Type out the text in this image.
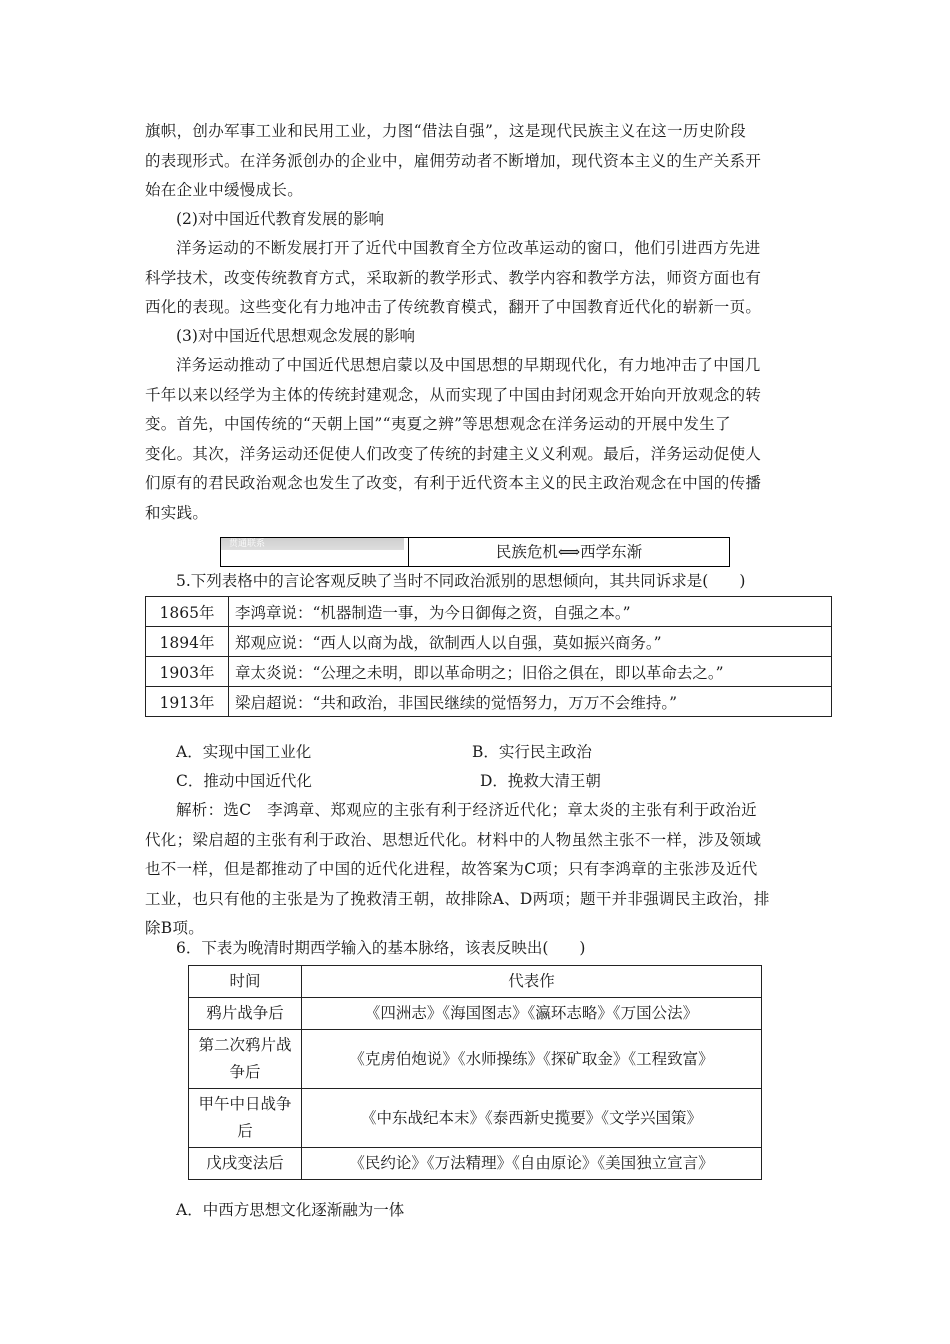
旗帜，创办军事工业和民用工业，力图“借法自强”，这是现代民族主义在这一历史阶段
的表现形式。在洋务派创办的企业中，雇佣劳动者不断增加，现代资本主义的生产关系开
始在企业中缓慢成长。
(2)对中国近代教育发展的影响
洋务运动的不断发展打开了近代中国教育全方位改革运动的窗口，他们引进西方先进
科学技术，改变传统教育方式，采取新的教学形式、教学内容和教学方法，师资方面也有
西化的表现。这些变化有力地冲击了传统教育模式，翻开了中国教育近代化的崭新一页。
(3)对中国近代思想观念发展的影响
洋务运动推动了中国近代思想启蒙以及中国思想的早期现代化，有力地冲击了中国几
千年以来以经学为主体的传统封建观念，从而实现了中国由封闭观念开始向开放观念的转
变。首先，中国传统的“天朝上国”“夷夏之辨”等思想观念在洋务运动的开展中发生了
变化。其次，洋务运动还促使人们改变了传统的封建主义义利观。最后，洋务运动促使人
们原有的君民政治观念也发生了改变，有利于近代资本主义的民主政治观念在中国的传播
和实践。
贯通联系	民族危机⟺西学东渐
5.下列表格中的言论客观反映了当时不同政治派别的思想倾向，其共同诉求是(　　)
1865年	李鸿章说：“机器制造一事，为今日御侮之资，自强之本。”
1894年	郑观应说：“西人以商为战，欲制西人以自强，莫如振兴商务。”
1903年	章太炎说：“公理之未明，即以革命明之；旧俗之俱在，即以革命去之。”
1913年	梁启超说：“共和政治，非国民继续的觉悟努力，万万不会维持。”
A．实现中国工业化	B．实行民主政治
C．推动中国近代化	D．挽救大清王朝
解析：选C　李鸿章、郑观应的主张有利于经济近代化；章太炎的主张有利于政治近
代化；梁启超的主张有利于政治、思想近代化。材料中的人物虽然主张不一样，涉及领域
也不一样，但是都推动了中国的近代化进程，故答案为C项；只有李鸿章的主张涉及近代
工业，也只有他的主张是为了挽救清王朝，故排除A、D两项；题干并非强调民主政治，排
除B项。
6．下表为晚清时期西学输入的基本脉络，该表反映出(　　)
时间	代表作
鸦片战争后	《四洲志》《海国图志》《瀛环志略》《万国公法》
第二次鸦片战争后	《克虏伯炮说》《水师操练》《探矿取金》《工程致富》
甲午中日战争后	《中东战纪本末》《泰西新史揽要》《文学兴国策》
戊戌变法后	《民约论》《万法精理》《自由原论》《美国独立宣言》
A．中西方思想文化逐渐融为一体
